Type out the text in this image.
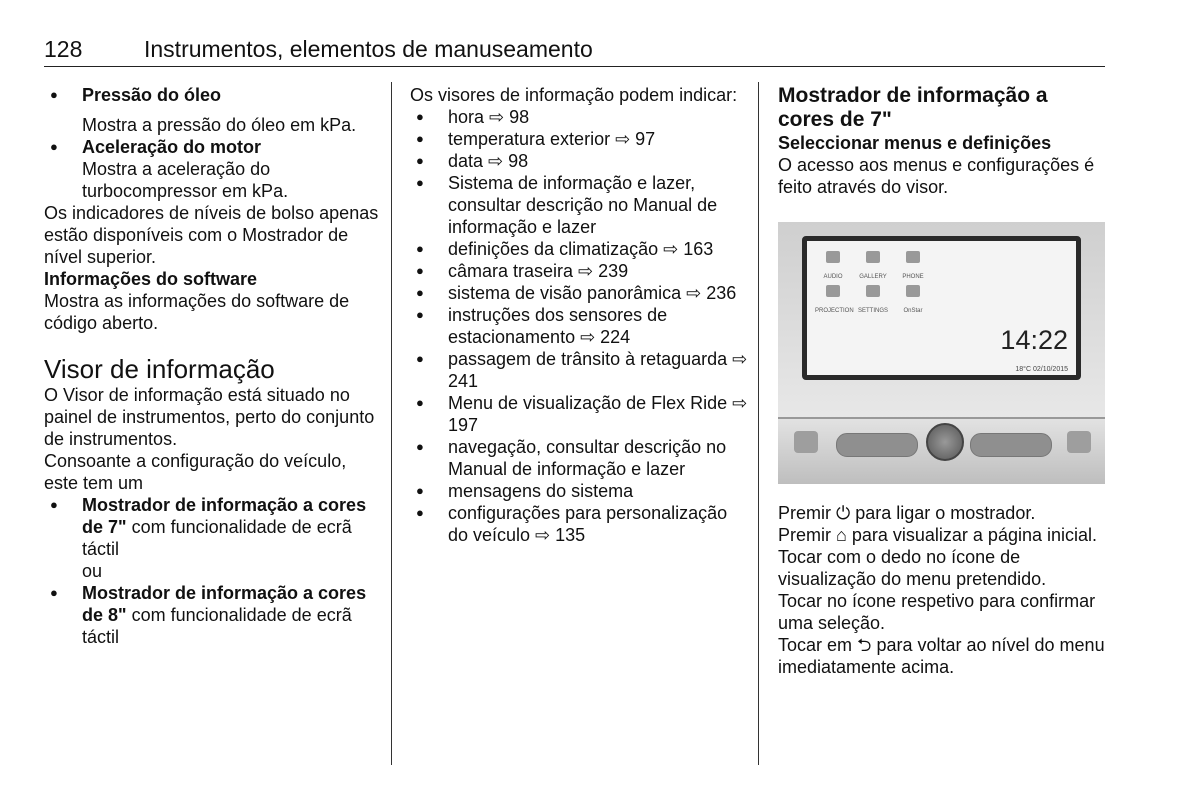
128	Instrumentos, elementos de manuseamento

● Pressão do óleo

Mostra a pressão do óleo em kPa.

● Aceleração do motor

Mostra a aceleração do turbocompressor em kPa.

Os indicadores de níveis de bolso apenas estão disponíveis com o Mostrador de nível superior.

Informações do software

Mostra as informações do software de código aberto.

Visor de informação

O Visor de informação está situado no painel de instrumentos, perto do conjunto de instrumentos.

Consoante a configuração do veículo, este tem um

● Mostrador de informação a cores de 7" com funcionalidade de ecrã táctil

ou

● Mostrador de informação a cores de 8" com funcionalidade de ecrã táctil

Os visores de informação podem indicar:

● hora ⇨ 98

● temperatura exterior ⇨ 97

● data ⇨ 98

● Sistema de informação e lazer, consultar descrição no Manual de informação e lazer

● definições da climatização ⇨ 163

● câmara traseira ⇨ 239

● sistema de visão panorâmica ⇨ 236

● instruções dos sensores de estacionamento ⇨ 224

● passagem de trânsito à retaguarda ⇨ 241

● Menu de visualização de Flex Ride ⇨ 197

● navegação, consultar descrição no Manual de informação e lazer

● mensagens do sistema

● configurações para personalização do veículo ⇨ 135

Mostrador de informação a cores de 7"

Seleccionar menus e definições

O acesso aos menus e configurações é feito através do visor.

AUDIO	GALLERY	PHONE
PROJECTION SETTINGS	OnStar
14:22
18°C 02/10/2015

Premir ⏻ para ligar o mostrador.

Premir ⌂ para visualizar a página inicial.

Tocar com o dedo no ícone de visualização do menu pretendido.

Tocar no ícone respetivo para confirmar uma seleção.

Tocar em ⮌ para voltar ao nível do menu imediatamente acima.
